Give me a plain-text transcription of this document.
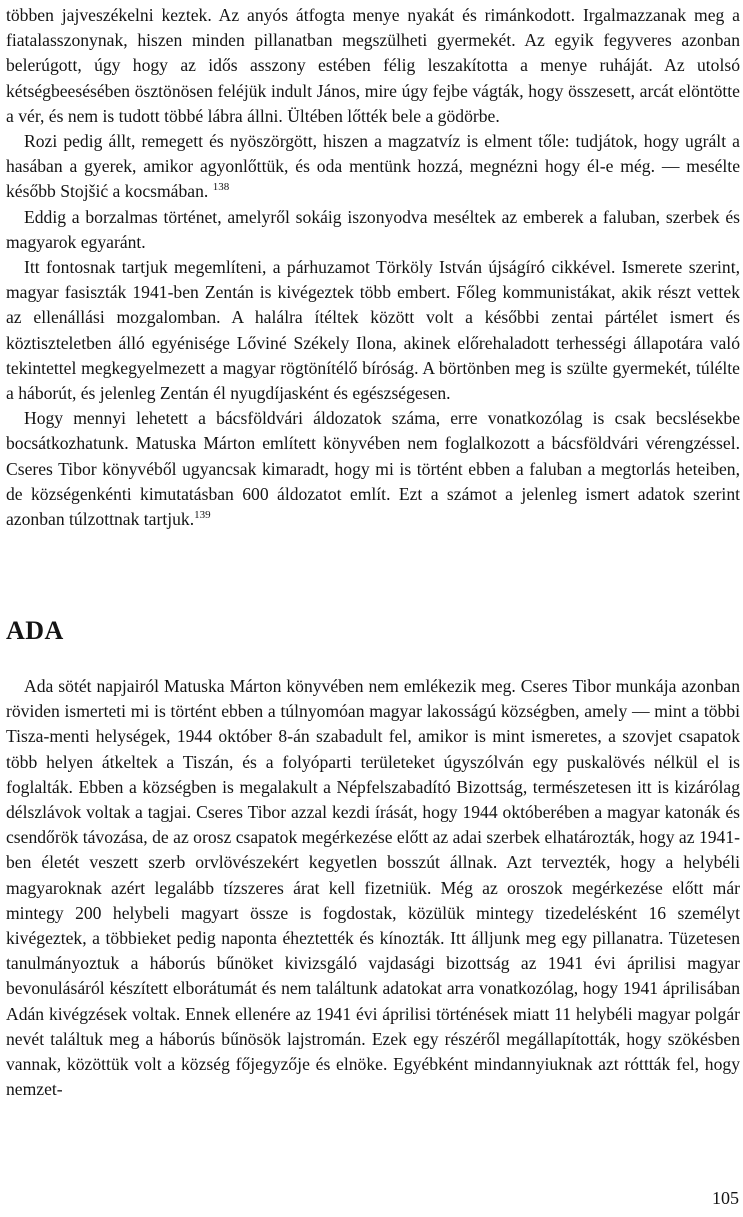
többen jajveszékelni keztek. Az anyós átfogta menye nyakát és rimánkodott. Irgalmazzanak meg a fiatalasszonynak, hiszen minden pillanatban megszülheti gyermekét. Az egyik fegyveres azonban belerúgott, úgy hogy az idős asszony estében félig leszakította a menye ruháját. Az utolsó kétségbeesésében ösztönösen feléjük indult János, mire úgy fejbe vágták, hogy összesett, arcát elöntötte a vér, és nem is tudott többé lábra állni. Ültében lőtték bele a gödörbe.

Rozi pedig állt, remegett és nyöszörgött, hiszen a magzatvíz is elment tőle: tudjátok, hogy ugrált a hasában a gyerek, amikor agyonlőttük, és oda mentünk hozzá, megnézni hogy él-e még. — mesélte később Stojšić a kocsmában. $^{138}$

Eddig a borzalmas történet, amelyről sokáig iszonyodva meséltek az emberek a faluban, szerbek és magyarok egyaránt.

Itt fontosnak tartjuk megemlíteni, a párhuzamot Törköly István újságíró cikkével. Ismerete szerint, magyar fasiszták 1941-ben Zentán is kivégeztek több embert. Főleg kommunistákat, akik részt vettek az ellenállási mozgalomban. A halálra ítéltek között volt a későbbi zentai pártélet ismert és köztiszteletben álló egyénisége Lőviné Székely Ilona, akinek előrehaladott terhességi állapotára való tekintettel megkegyelmezett a magyar rögtönítélő bíróság. A börtönben meg is szülte gyermekét, túlélte a háborút, és jelenleg Zentán él nyugdíjasként és egészségesen.

Hogy mennyi lehetett a bácsföldvári áldozatok száma, erre vonatkozólag is csak becslésekbe bocsátkozhatunk. Matuska Márton említett könyvében nem foglalkozott a bácsföldvári vérengzéssel. Cseres Tibor könyvéből ugyancsak kimaradt, hogy mi is történt ebben a faluban a megtorlás heteiben, de községenkénti kimutatásban 600 áldozatot említ. Ezt a számot a jelenleg ismert adatok szerint azonban túlzottnak tartjuk.$^{139}$

ADA

Ada sötét napjairól Matuska Márton könyvében nem emlékezik meg. Cseres Tibor munkája azonban röviden ismerteti mi is történt ebben a túlnyomóan magyar lakosságú községben, amely — mint a többi Tisza-menti helységek, 1944 október 8-án szabadult fel, amikor is mint ismeretes, a szovjet csapatok több helyen átkeltek a Tiszán, és a folyóparti területeket úgyszólván egy puskalövés nélkül el is foglalták. Ebben a községben is megalakult a Népfelszabadító Bizottság, természetesen itt is kizárólag délszlávok voltak a tagjai. Cseres Tibor azzal kezdi írását, hogy 1944 októberében a magyar katonák és csendőrök távozása, de az orosz csapatok megérkezése előtt az adai szerbek elhatározták, hogy az 1941-ben életét veszett szerb orvlövészekért kegyetlen bosszút állnak. Azt tervezték, hogy a helybéli magyaroknak azért legalább tízszeres árat kell fizetniük. Még az oroszok megérkezése előtt már mintegy 200 helybeli magyart össze is fogdostak, közülük mintegy tizedelésként 16 személyt kivégeztek, a többieket pedig naponta éheztették és kínozták. Itt álljunk meg egy pillanatra. Tüzetesen tanulmányoztuk a háborús bűnöket kivizsgáló vajdasági bizottság az 1941 évi áprilisi magyar bevonulásáról készített elborátumát és nem találtunk adatokat arra vonatkozólag, hogy 1941 áprilisában Adán kivégzések voltak. Ennek ellenére az 1941 évi áprilisi történések miatt 11 helybéli magyar polgár nevét találtuk meg a háborús bűnösök lajstromán. Ezek egy részéről megállapították, hogy szökésben vannak, közöttük volt a község főjegyzője és elnöke. Egyébként mindannyiuknak azt róttták fel, hogy nemzet-

105
